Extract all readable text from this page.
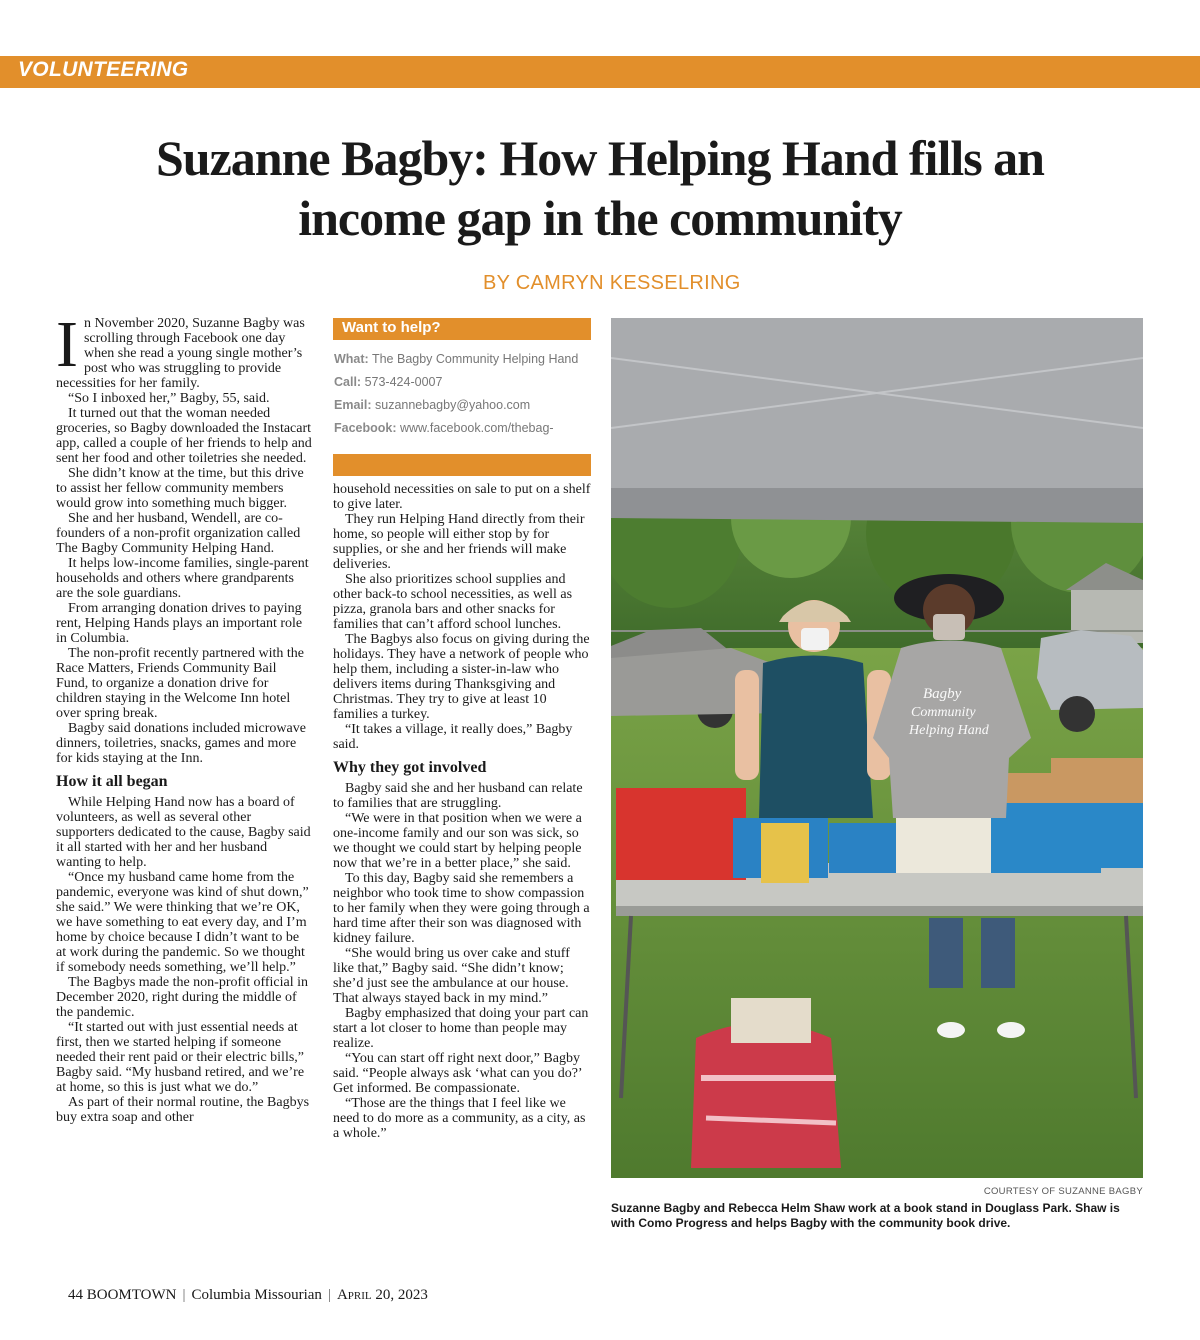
VOLUNTEERING
Suzanne Bagby: How Helping Hand fills an income gap in the community
BY CAMRYN KESSELRING

In November 2020, Suzanne Bagby was scrolling through Facebook one day when she read a young single mother’s post who was struggling to provide necessities for her family.

“So I inboxed her,” Bagby, 55, said.

It turned out that the woman needed groceries, so Bagby downloaded the Instacart app, called a couple of her friends to help and sent her food and other toiletries she needed.

She didn’t know at the time, but this drive to assist her fellow community members would grow into something much bigger.

She and her husband, Wendell, are co-founders of a non-profit organization called The Bagby Community Helping Hand.

It helps low-income families, single-parent households and others where grandparents are the sole guardians.

From arranging donation drives to paying rent, Helping Hands plays an important role in Columbia.

The non-profit recently partnered with the Race Matters, Friends Community Bail Fund, to organize a donation drive for children staying in the Welcome Inn hotel over spring break.

Bagby said donations included microwave dinners, toiletries, snacks, games and more for kids staying at the Inn.

How it all began

While Helping Hand now has a board of volunteers, as well as several other supporters dedicated to the cause, Bagby said it all started with her and her husband wanting to help.

“Once my husband came home from the pandemic, everyone was kind of shut down,” she said.” We were thinking that we’re OK, we have something to eat every day, and I’m home by choice because I didn’t want to be at work during the pandemic. So we thought if somebody needs something, we’ll help.”

The Bagbys made the non-profit official in December 2020, right during the middle of the pandemic.

“It started out with just essential needs at first, then we started helping if someone needed their rent paid or their electric bills,” Bagby said. “My husband retired, and we’re at home, so this is just what we do.”

As part of their normal routine, the Bagbys buy extra soap and other

Want to help?
What: The Bagby Community Helping Hand
Call: 573-424-0007
Email: suzannebagby@yahoo.com
Facebook: www.facebook.com/thebag-

household necessities on sale to put on a shelf to give later.

They run Helping Hand directly from their home, so people will either stop by for supplies, or she and her friends will make deliveries.

She also prioritizes school supplies and other back-to school necessities, as well as pizza, granola bars and other snacks for families that can’t afford school lunches.

The Bagbys also focus on giving during the holidays. They have a network of people who help them, including a sister-in-law who delivers items during Thanksgiving and Christmas. They try to give at least 10 families a turkey.

“It takes a village, it really does,” Bagby said.

Why they got involved

Bagby said she and her husband can relate to families that are struggling.

“We were in that position when we were a one-income family and our son was sick, so we thought we could start by helping people now that we’re in a better place,” she said.

To this day, Bagby said she remembers a neighbor who took time to show compassion to her family when they were going through a hard time after their son was diagnosed with kidney failure.

“She would bring us over cake and stuff like that,” Bagby said. “She didn’t know; she’d just see the ambulance at our house. That always stayed back in my mind.”

Bagby emphasized that doing your part can start a lot closer to home than people may realize.

“You can start off right next door,” Bagby said. “People always ask ‘what can you do?’ Get informed. Be compassionate.

“Those are the things that I feel like we need to do more as a community, as a city, as a whole.”

Bagby
Community
Helping Hand
COURTESY OF SUZANNE BAGBY
Suzanne Bagby and Rebecca Helm Shaw work at a book stand in Douglass Park. Shaw is with Como Progress and helps Bagby with the community book drive.
44 BOOMTOWN | Columbia Missourian | April 20, 2023
